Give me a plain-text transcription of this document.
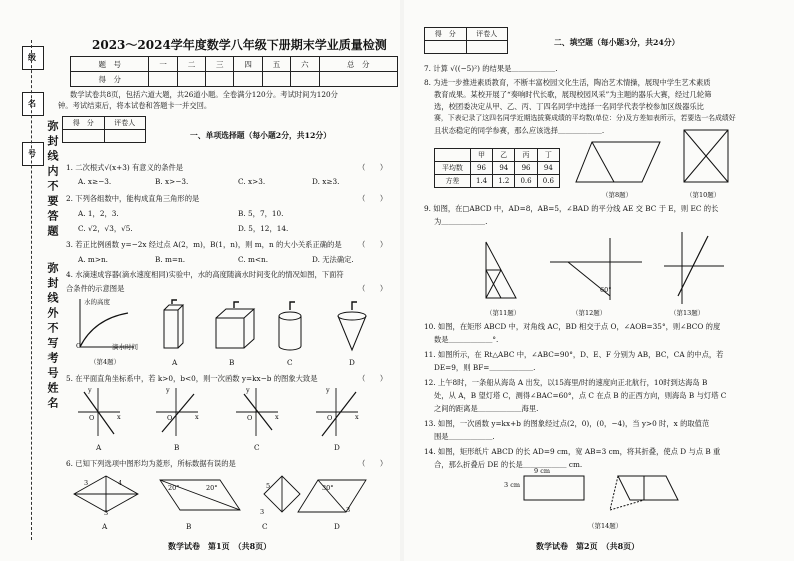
级
名
号 弥封线内不要答题
弥封线外不写考号姓名
2023～2024学年度数学八年级下册期末学业质量检测
题　号	一	二	三	四	五	六	总　分
得　分							
数学试卷共8页，包括六道大题，共26道小题。全卷满分120分。考试时间为120分
钟。考试结束后，将本试卷和答题卡一并交回。
得　分	评卷人

一、单项选择题（每小题2分，共12分）
1. 二次根式√(x+3) 有意义的条件是	（　　）
A. x≥−3.	B. x>−3.	C. x>3.	D. x≥3.
2. 下列各组数中，能构成直角三角形的是	（　　）
A. 1，2，3.	B. 5，7，10.
C. √2，√3，√5.	D. 5，12，14.
3. 若正比例函数 y=−2x 经过点 A(2，m)，B(1，n)，则 m，n 的大小关系正确的是 （　　）
A. m>n.	B. m=n.	C. m<n.	D. 无法确定.
4. 水滴速成容器(滴水速度相同)实验中，水的高度随滴水时间变化的情况如图，下面符
合条件的示意图是	（　　）
水的高度
滴水时间
O
（第4题）	A	B	C	D
5. 在平面直角坐标系中，若 k>0，b<0，则一次函数 y=kx−b 的图象大致是	（　　）
y
x
O
y
x
O
y
x
O
y
x
O
A	B	C	D
6. 已知下列选项中图形均为菱形，所标数据有误的是	（　　）
3	4
3
20°	20°	5
3
30°
3
A	B	C	D
数学试卷　第1页　（共8页）
得　分	评卷人

二、填空题（每小题3分，共24分）
7. 计算 √((−5)²) 的结果是＿＿＿＿＿＿.
8. 为进一步推进素质教育，不断丰富校园文化生活，陶冶艺术情操，展现中学生艺术素质
教育成果。某校开展了“奏响时代长歌，展现校园风采”为主题的器乐大赛，经过几轮筛
选，校团委决定从甲、乙、丙、丁四名同学中选择一名同学代表学校参加区级器乐比
赛，下表记录了这四名同学近期选拔赛成绩的平均数(单位：分)及方差如表所示，若要选一名成绩好
且状态稳定的同学参赛，那么应该选择＿＿＿＿＿＿.
	甲	乙	丙	丁
平均数	96	94	96	94
方差	1.4	1.2	0.6	0.6
（第8题）	（第10题）
9. 如图，在□ABCD 中，AD=8，AB=5，∠BAD 的平分线 AE 交 BC 于 E，则 EC 的长
为＿＿＿＿＿＿.
（第11题）
60°
（第12题）	（第13题）
10. 如图，在矩形 ABCD 中，对角线 AC，BD 相交于点 O，∠AOB=35°，则∠BCO 的度
数是＿＿＿＿＿＿°.
11. 如图所示，在 Rt△ABC 中，∠ABC=90°，D、E、F 分别为 AB，BC，CA 的中点，若
DE=9，则 BF=＿＿＿＿＿＿.
12. 上午8时，一条船从海岛 A 出发，以15海里/时的速度向正北航行，10时到达海岛 B
处，从 A，B 望灯塔 C，测得∠BAC=60°，点 C 在点 B 的正西方向，则海岛 B 与灯塔 C
之间的距离是＿＿＿＿＿＿海里.
13. 如图，一次函数 y=kx+b 的图象经过点(2，0)，(0，−4)，当 y>0 时，x 的取值范
围是＿＿＿＿＿＿.
14. 如图，矩形纸片 ABCD 的长 AD=9 cm，宽 AB=3 cm，将其折叠，使点 D 与点 B 重
合，那么折叠后 DE 的长是＿＿＿＿＿＿ cm.
9 cm
3 cm
（第14题）
数学试卷　第2页　（共8页）
